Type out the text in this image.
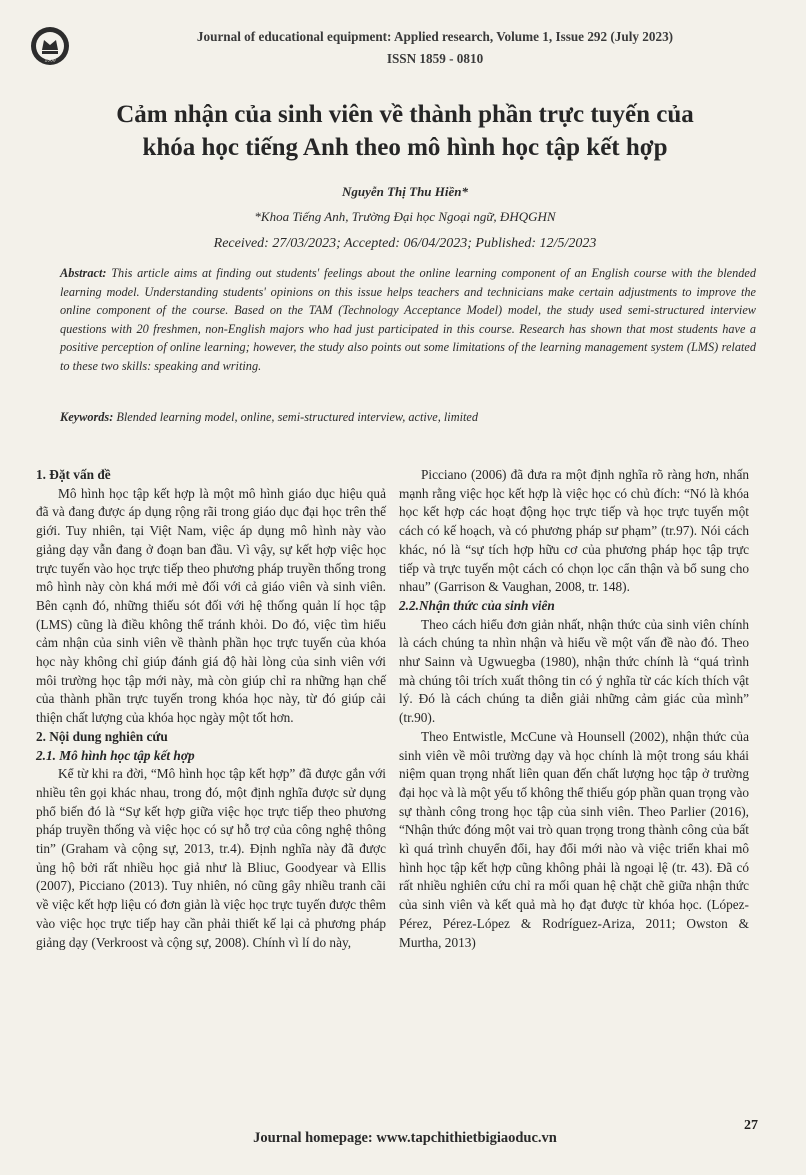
1960
Journal of educational equipment: Applied research, Volume 1, Issue 292 (July 2023)
ISSN 1859 - 0810
Cảm nhận của sinh viên về thành phần trực tuyến của
khóa học tiếng Anh theo mô hình học tập kết hợp
Nguyễn Thị Thu Hiền*
*Khoa Tiếng Anh, Trường Đại học Ngoại ngữ, ĐHQGHN
Received: 27/03/2023; Accepted: 06/04/2023; Published: 12/5/2023
Abstract: This article aims at finding out students' feelings about the online learning component of an English course with the blended learning model. Understanding students' opinions on this issue helps teachers and technicians make certain adjustments to improve the online component of the course. Based on the TAM (Technology Acceptance Model) model, the study used semi-structured interview questions with 20 freshmen, non-English majors who had just participated in this course. Research has shown that most students have a positive perception of online learning; however, the study also points out some limitations of the learning management system (LMS) related to these two skills: speaking and writing.
Keywords: Blended learning model, online, semi-structured interview, active, limited
1. Đặt vấn đề

Mô hình học tập kết hợp là một mô hình giáo dục hiệu quả đã và đang được áp dụng rộng rãi trong giáo dục đại học trên thế giới. Tuy nhiên, tại Việt Nam, việc áp dụng mô hình này vào giảng dạy vẫn đang ở đoạn ban đầu. Vì vậy, sự kết hợp việc học trực tuyến vào học trực tiếp theo phương pháp truyền thống trong mô hình này còn khá mới mẻ đối với cả giáo viên và sinh viên. Bên cạnh đó, những thiếu sót đối với hệ thống quản lí học tập (LMS) cũng là điều không thể tránh khỏi. Do đó, việc tìm hiểu cảm nhận của sinh viên về thành phần học trực tuyến của khóa học này không chỉ giúp đánh giá độ hài lòng của sinh viên với môi trường học tập mới này, mà còn giúp chỉ ra những hạn chế của thành phần trực tuyến trong khóa học này, từ đó giúp cải thiện chất lượng của khóa học ngày một tốt hơn.

2. Nội dung nghiên cứu
2.1. Mô hình học tập kết hợp

Kể từ khi ra đời, “Mô hình học tập kết hợp” đã được gắn với nhiều tên gọi khác nhau, trong đó, một định nghĩa được sử dụng phổ biến đó là “Sự kết hợp giữa việc học trực tiếp theo phương pháp truyền thống và việc học có sự hỗ trợ của công nghệ thông tin” (Graham và cộng sự, 2013, tr.4). Định nghĩa này đã được ủng hộ bởi rất nhiều học giả như là Bliuc, Goodyear và Ellis (2007), Picciano (2013). Tuy nhiên, nó cũng gây nhiều tranh cãi về việc kết hợp liệu có đơn giản là việc học trực tuyến được thêm vào việc học trực tiếp hay cần phải thiết kế lại cả phương pháp giảng dạy (Verkroost và cộng sự, 2008). Chính vì lí do này,

Picciano (2006) đã đưa ra một định nghĩa rõ ràng hơn, nhấn mạnh rằng việc học kết hợp là việc học có chủ đích: “Nó là khóa học kết hợp các hoạt động học trực tiếp và học trực tuyến một cách có kế hoạch, và có phương pháp sư phạm” (tr.97). Nói cách khác, nó là “sự tích hợp hữu cơ của phương pháp học tập trực tiếp và trực tuyến một cách có chọn lọc cẩn thận và bổ sung cho nhau” (Garrison & Vaughan, 2008, tr. 148).

2.2.Nhận thức của sinh viên

Theo cách hiểu đơn giản nhất, nhận thức của sinh viên chính là cách chúng ta nhìn nhận và hiểu về một vấn đề nào đó. Theo như Sainn và Ugwuegba (1980), nhận thức chính là “quá trình mà chúng tôi trích xuất thông tin có ý nghĩa từ các kích thích vật lý. Đó là cách chúng ta diễn giải những cảm giác của mình” (tr.90).

Theo Entwistle, McCune và Hounsell (2002), nhận thức của sinh viên về môi trường dạy và học chính là một trong sáu khái niệm quan trọng nhất liên quan đến chất lượng học tập ở trường đại học và là một yếu tố không thể thiếu góp phần quan trọng vào sự thành công trong học tập của sinh viên. Theo Parlier (2016), “Nhận thức đóng một vai trò quan trọng trong thành công của bất kì quá trình chuyển đổi, hay đổi mới nào và việc triển khai mô hình học tập kết hợp cũng không phải là ngoại lệ (tr. 43). Đã có rất nhiều nghiên cứu chỉ ra mối quan hệ chặt chẽ giữa nhận thức của sinh viên và kết quả mà họ đạt được từ khóa học. (López-Pérez, Pérez-López & Rodríguez-Ariza, 2011; Owston & Murtha, 2013)

Journal homepage: www.tapchithietbigiaoduc.vn
27
